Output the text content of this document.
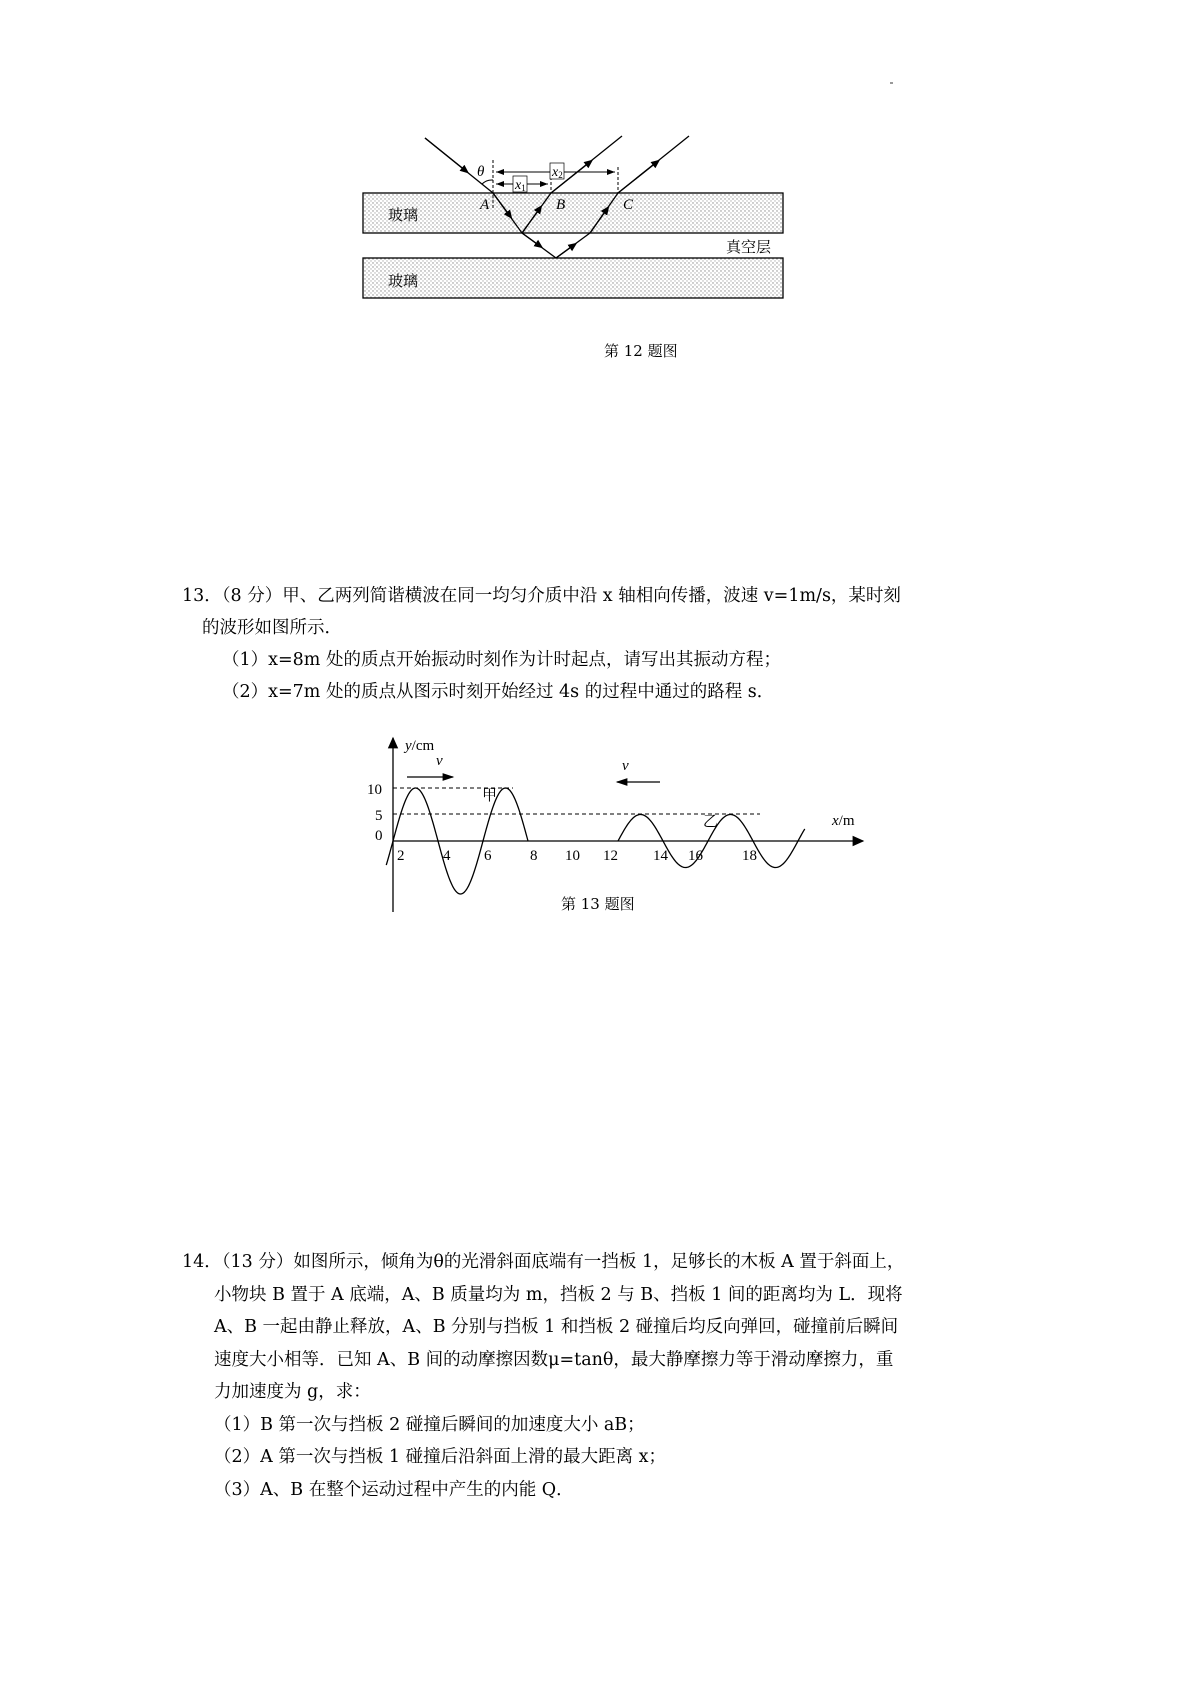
玻璃
玻璃
真空层
θ	x2
x1
A	B	C
第 12 题图
13．（8 分）甲、乙两列简谐横波在同一均匀介质中沿 x 轴相向传播，波速 v=1m/s，某时刻
的波形如图所示．
（1）x=8m 处的质点开始振动时刻作为计时起点，请写出其振动方程；
（2）x=7m 处的质点从图示时刻开始经过 4s 的过程中通过的路程 s．
y/cm
x/m
10
5
0
2	4 6	8 10 12 14 16	18
甲
乙
v	v
第 13 题图
14．（13 分）如图所示，倾角为θ的光滑斜面底端有一挡板 1，足够长的木板 A 置于斜面上，
小物块 B 置于 A 底端，A、B 质量均为 m，挡板 2 与 B、挡板 1 间的距离均为 L．现将
A、B 一起由静止释放，A、B 分别与挡板 1 和挡板 2 碰撞后均反向弹回，碰撞前后瞬间
速度大小相等．已知 A、B 间的动摩擦因数μ=tanθ，最大静摩擦力等于滑动摩擦力，重
力加速度为 g，求：
（1）B 第一次与挡板 2 碰撞后瞬间的加速度大小 aB；
（2）A 第一次与挡板 1 碰撞后沿斜面上滑的最大距离 x；
（3）A、B 在整个运动过程中产生的内能 Q．
